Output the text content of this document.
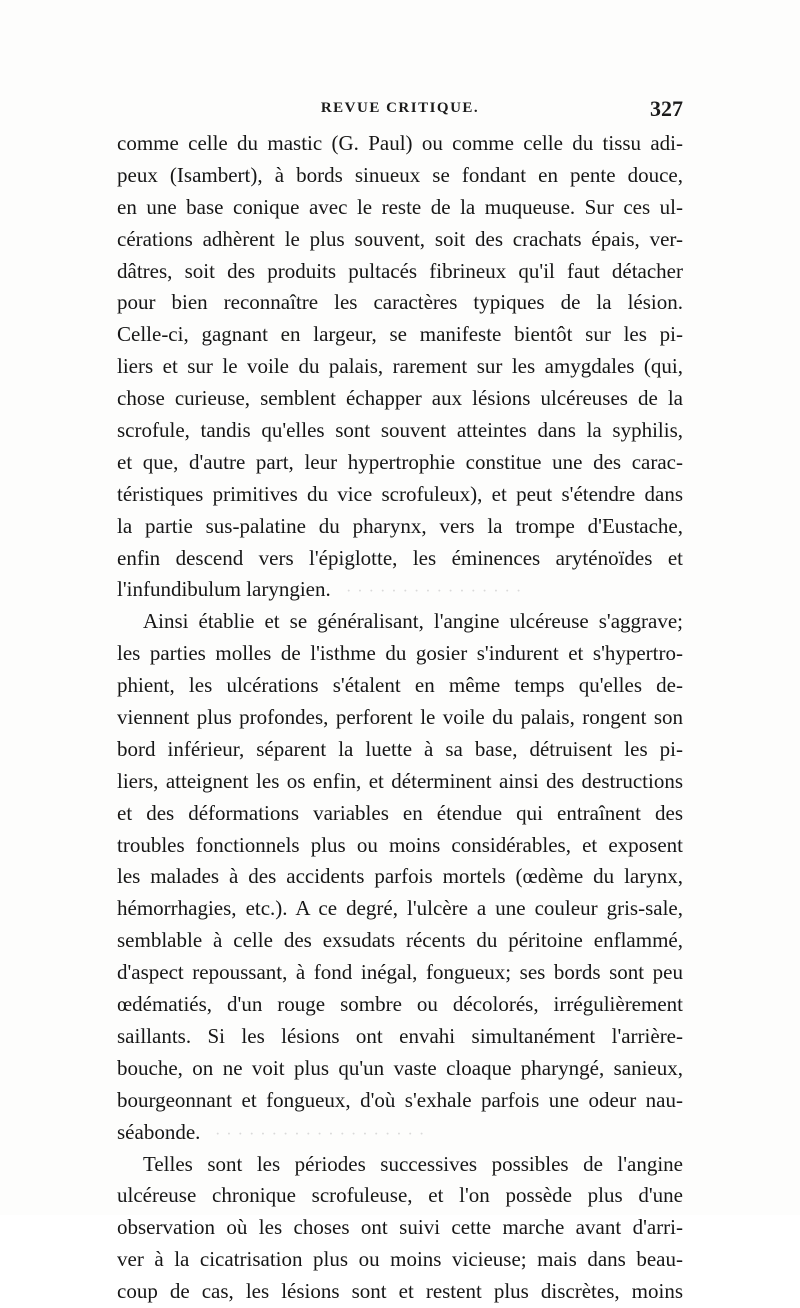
REVUE CRITIQUE.	327
comme celle du mastic (G. Paul) ou comme celle du tissu adi-
peux (Isambert), à bords sinueux se fondant en pente douce,
en une base conique avec le reste de la muqueuse. Sur ces ul-
cérations adhèrent le plus souvent, soit des crachats épais, ver-
dâtres, soit des produits pultacés fibrineux qu'il faut détacher
pour bien reconnaître les caractères typiques de la lésion.
Celle-ci, gagnant en largeur, se manifeste bientôt sur les pi-
liers et sur le voile du palais, rarement sur les amygdales (qui,
chose curieuse, semblent échapper aux lésions ulcéreuses de la
scrofule, tandis qu'elles sont souvent atteintes dans la syphilis,
et que, d'autre part, leur hypertrophie constitue une des carac-
téristiques primitives du vice scrofuleux), et peut s'étendre dans
la partie sus-palatine du pharynx, vers la trompe d'Eustache,
enfin descend vers l'épiglotte, les éminences aryténoïdes et
l'infundibulum laryngien. · · · · · · · · · · · · · · · ·
Ainsi établie et se généralisant, l'angine ulcéreuse s'aggrave;
les parties molles de l'isthme du gosier s'indurent et s'hypertro-
phient, les ulcérations s'étalent en même temps qu'elles de-
viennent plus profondes, perforent le voile du palais, rongent son
bord inférieur, séparent la luette à sa base, détruisent les pi-
liers, atteignent les os enfin, et déterminent ainsi des destructions
et des déformations variables en étendue qui entraînent des
troubles fonctionnels plus ou moins considérables, et exposent
les malades à des accidents parfois mortels (œdème du larynx,
hémorrhagies, etc.). A ce degré, l'ulcère a une couleur gris-sale,
semblable à celle des exsudats récents du péritoine enflammé,
d'aspect repoussant, à fond inégal, fongueux; ses bords sont peu
œdématiés, d'un rouge sombre ou décolorés, irrégulièrement
saillants. Si les lésions ont envahi simultanément l'arrière-
bouche, on ne voit plus qu'un vaste cloaque pharyngé, sanieux,
bourgeonnant et fongueux, d'où s'exhale parfois une odeur nau-
séabonde. · · · · · · · · · · · · · · · · · · ·
Telles sont les périodes successives possibles de l'angine
ulcéreuse chronique scrofuleuse, et l'on possède plus d'une
observation où les choses ont suivi cette marche avant d'arri-
ver à la cicatrisation plus ou moins vicieuse; mais dans beau-
coup de cas, les lésions sont et restent plus discrètes, moins
